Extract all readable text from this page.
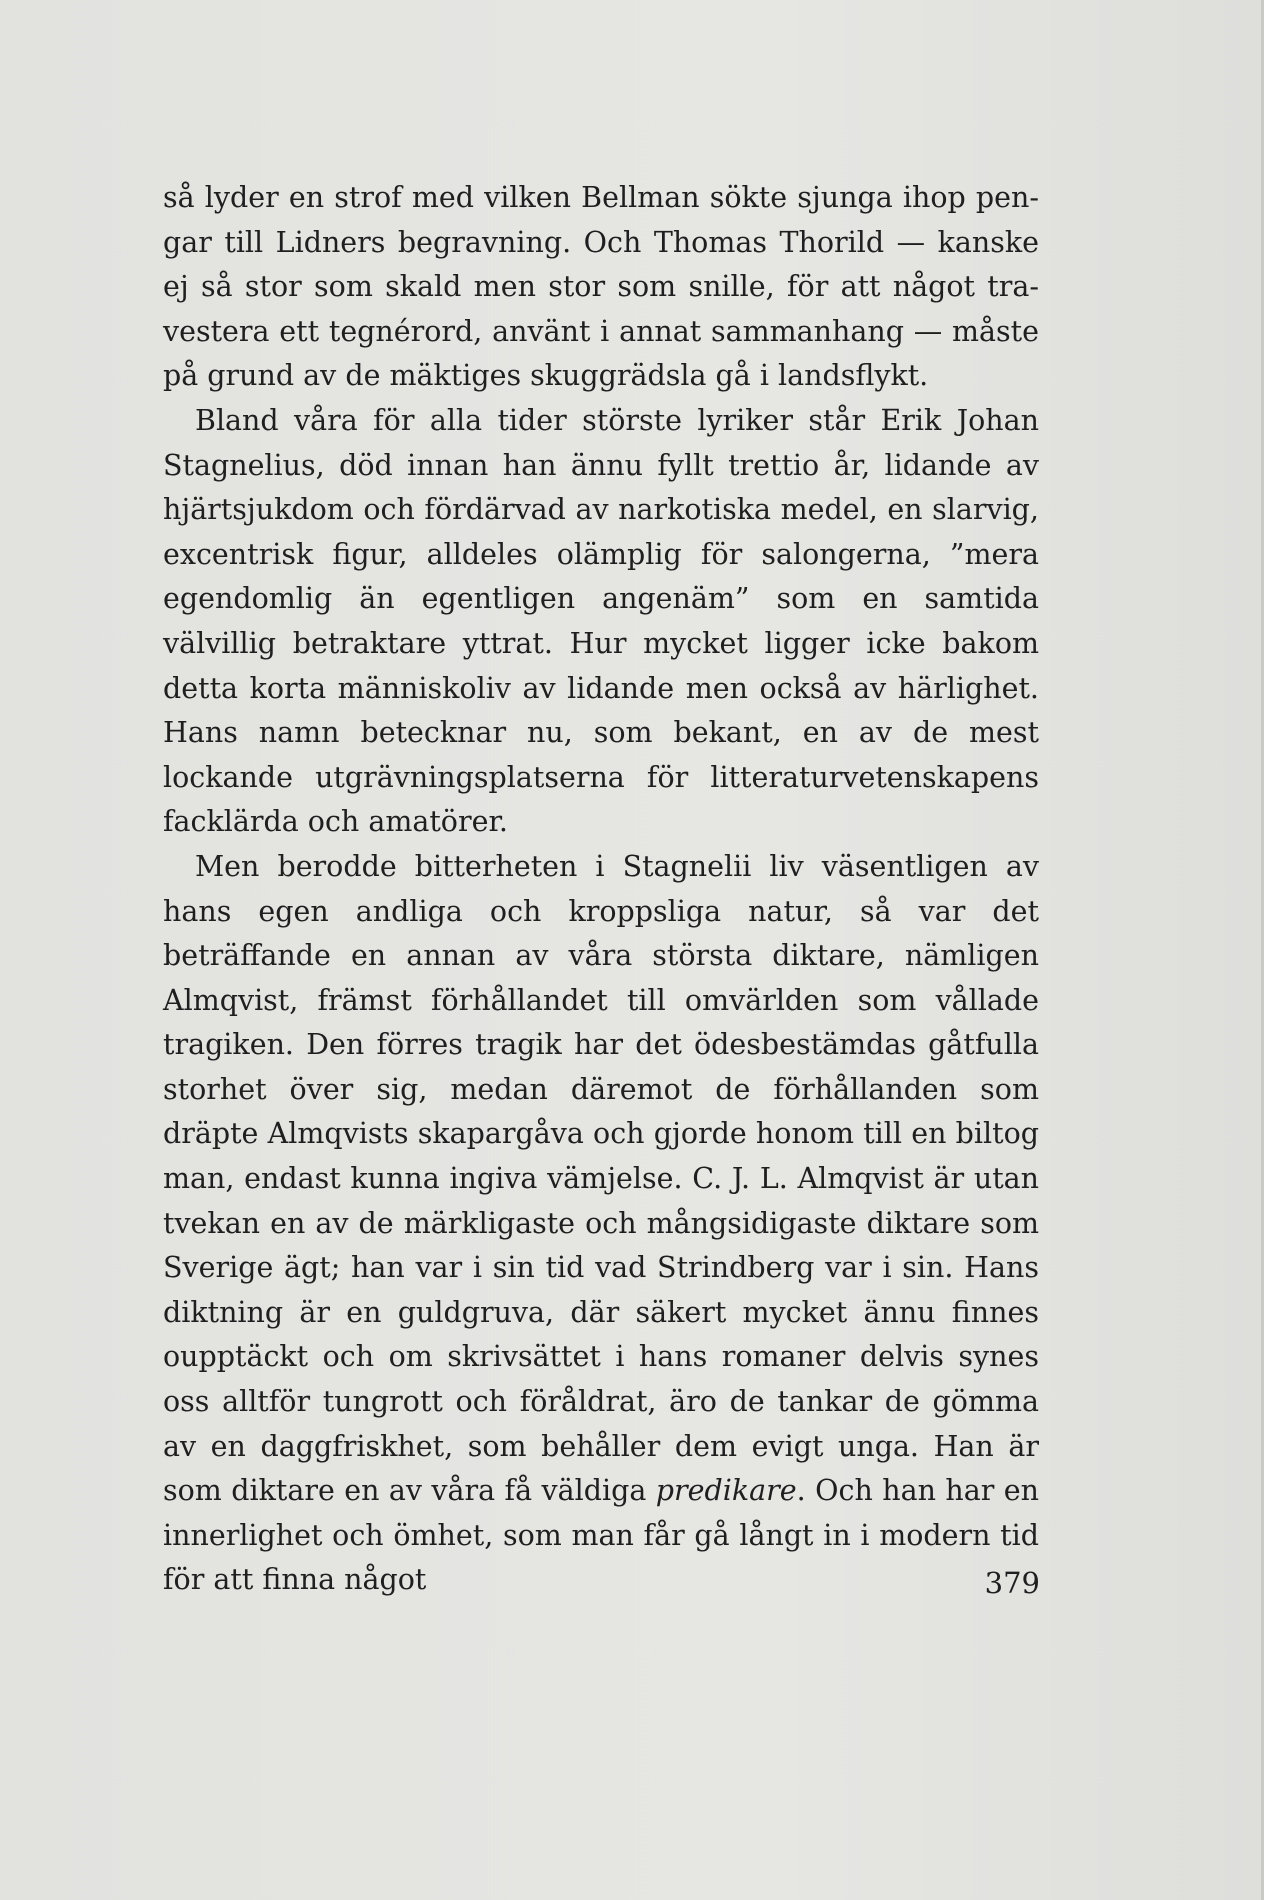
så lyder en strof med vilken Bellman sökte sjunga ihop pengar till Lidners begravning. Och Thomas Thorild — kanske ej så stor som skald men stor som snille, för att något travestera ett tegnérord, använt i annat sammanhang — måste på grund av de mäktiges skuggrädsla gå i landsflykt.

Bland våra för alla tider störste lyriker står Erik Johan Stagnelius, död innan han ännu fyllt trettio år, lidande av hjärtsjukdom och fördärvad av narkotiska medel, en slarvig, excentrisk figur, alldeles olämplig för salongerna, ”mera egendomlig än egentligen angenäm” som en samtida välvillig betraktare yttrat. Hur mycket ligger icke bakom detta korta människoliv av lidande men också av härlighet. Hans namn betecknar nu, som bekant, en av de mest lockande utgrävningsplatserna för litteraturvetenskapens facklärda och amatörer.

Men berodde bitterheten i Stagnelii liv väsentligen av hans egen andliga och kroppsliga natur, så var det beträffande en annan av våra största diktare, nämligen Almqvist, främst förhållandet till omvärlden som vållade tragiken. Den förres tragik har det ödesbestämdas gåtfulla storhet över sig, medan däremot de förhållanden som dräpte Almqvists skapargåva och gjorde honom till en biltog man, endast kunna ingiva vämjelse. C. J. L. Almqvist är utan tvekan en av de märkligaste och mångsidigaste diktare som Sverige ägt; han var i sin tid vad Strindberg var i sin. Hans diktning är en guldgruva, där säkert mycket ännu finnes oupptäckt och om skrivsättet i hans romaner delvis synes oss alltför tungrott och föråldrat, äro de tankar de gömma av en daggfriskhet, som behåller dem evigt unga. Han är som diktare en av våra få väldiga predikare. Och han har en innerlighet och ömhet, som man får gå långt in i modern tid för att finna något	379
